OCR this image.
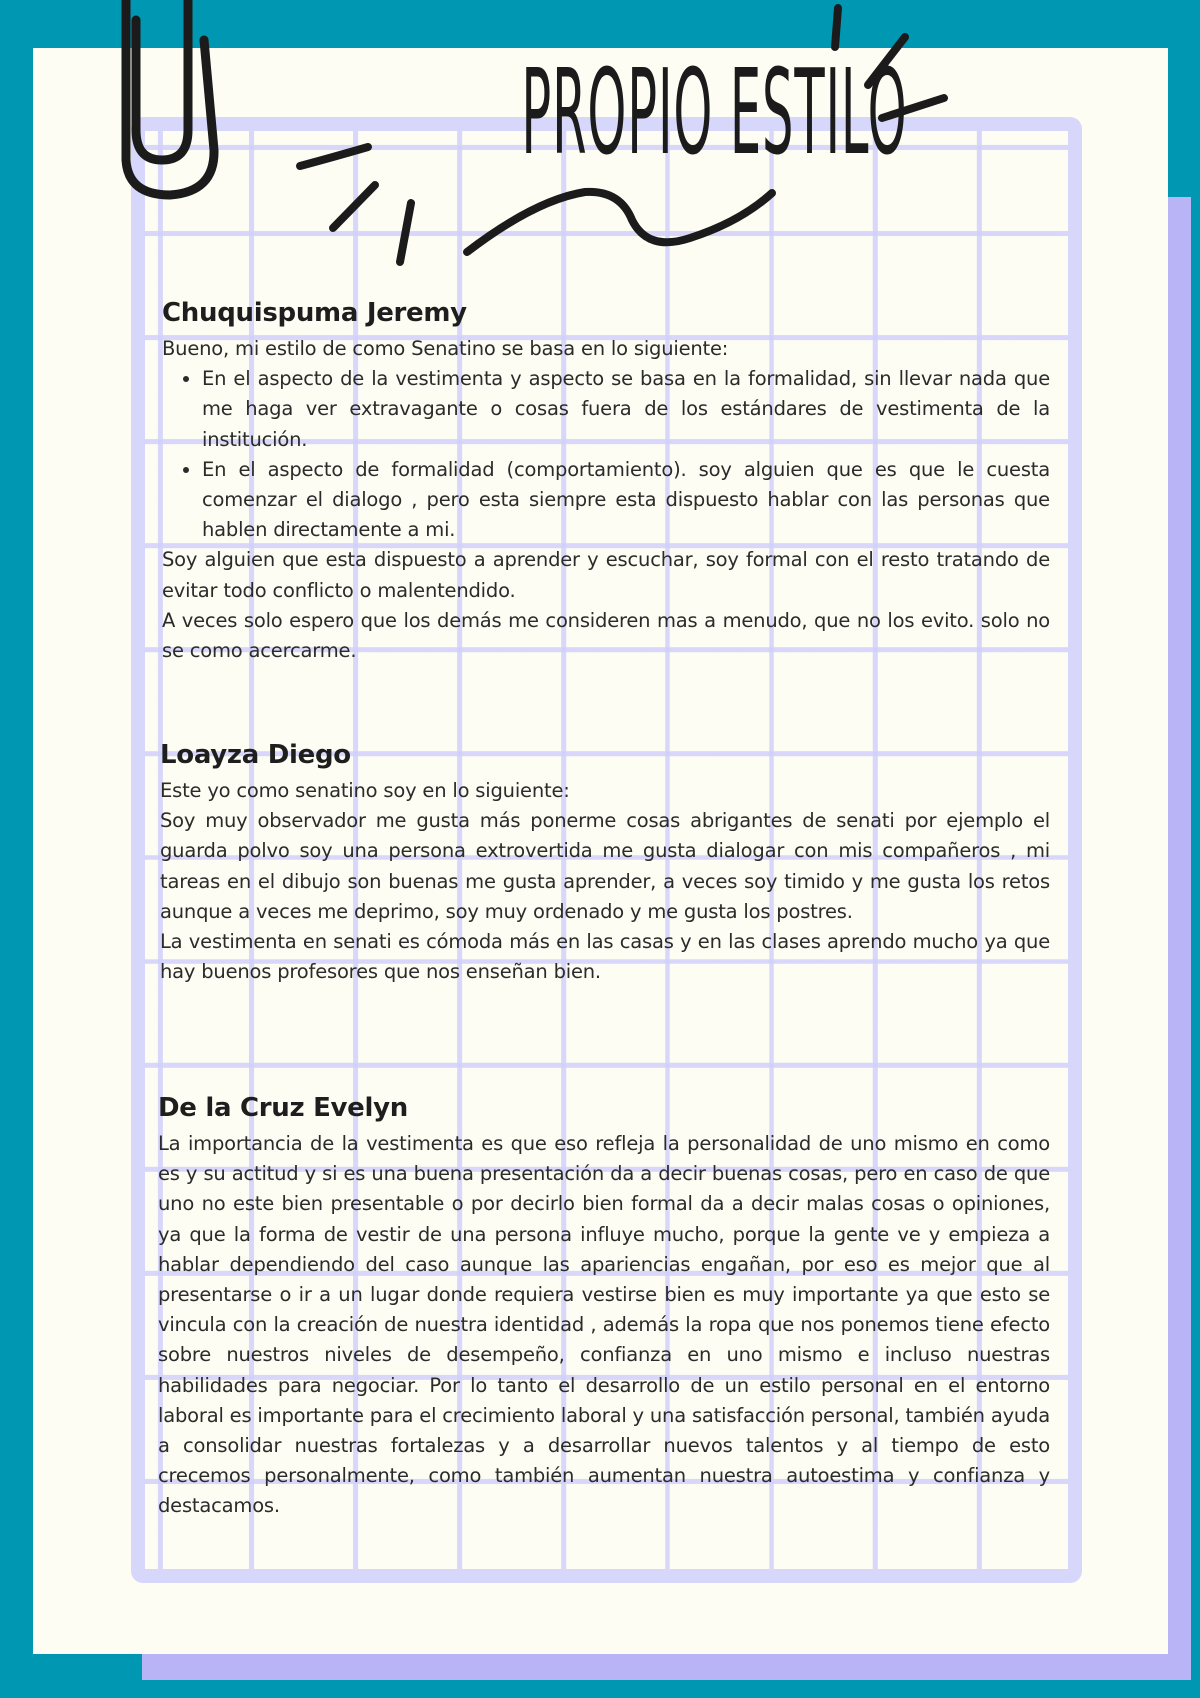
PROPIO ESTILO
Chuquispuma Jeremy

Bueno, mi estilo de como Senatino se basa en lo siguiente:

• En el aspecto de la vestimenta y aspecto se basa en la formalidad, sin llevar nada que me haga ver extravagante o cosas fuera de los estándares de vestimenta de la institución.
• En el aspecto de formalidad (comportamiento). soy alguien que es que le cuesta comenzar el dialogo , pero esta siempre esta dispuesto hablar con las personas que hablen directamente a mi.

Soy alguien que esta dispuesto a aprender y escuchar, soy formal con el resto tratando de evitar todo conflicto o malentendido.

A veces solo espero que los demás me consideren mas a menudo, que no los evito. solo no se como acercarme.

Loayza Diego

Este yo como senatino soy en lo siguiente:

Soy muy observador me gusta más ponerme cosas abrigantes de senati por ejemplo el guarda polvo soy una persona extrovertida me gusta dialogar con mis compañeros , mi tareas en el dibujo son buenas me gusta aprender, a veces soy timido y me gusta los retos aunque a veces me deprimo, soy muy ordenado y me gusta los postres.

La vestimenta en senati es cómoda más en las casas y en las clases aprendo mucho ya que hay buenos profesores que nos enseñan bien.

De la Cruz Evelyn

La importancia de la vestimenta es que eso refleja la personalidad de uno mismo en como es y su actitud y si es una buena presentación da a decir buenas cosas, pero en caso de que uno no este bien presentable o por decirlo bien formal da a decir malas cosas o opiniones, ya que la forma de vestir de una persona influye mucho, porque la gente ve y empieza a hablar dependiendo del caso aunque las apariencias engañan, por eso es mejor que al presentarse o ir a un lugar donde requiera vestirse bien es muy importante ya que esto se vincula con la creación de nuestra identidad , además la ropa que nos ponemos tiene efecto sobre nuestros niveles de desempeño, confianza en uno mismo e incluso nuestras habilidades para negociar. Por lo tanto el desarrollo de un estilo personal en el entorno laboral es importante para el crecimiento laboral y una satisfacción personal, también ayuda a consolidar nuestras fortalezas y a desarrollar nuevos talentos y al tiempo de esto crecemos personalmente, como también aumentan nuestra autoestima y confianza y destacamos.
